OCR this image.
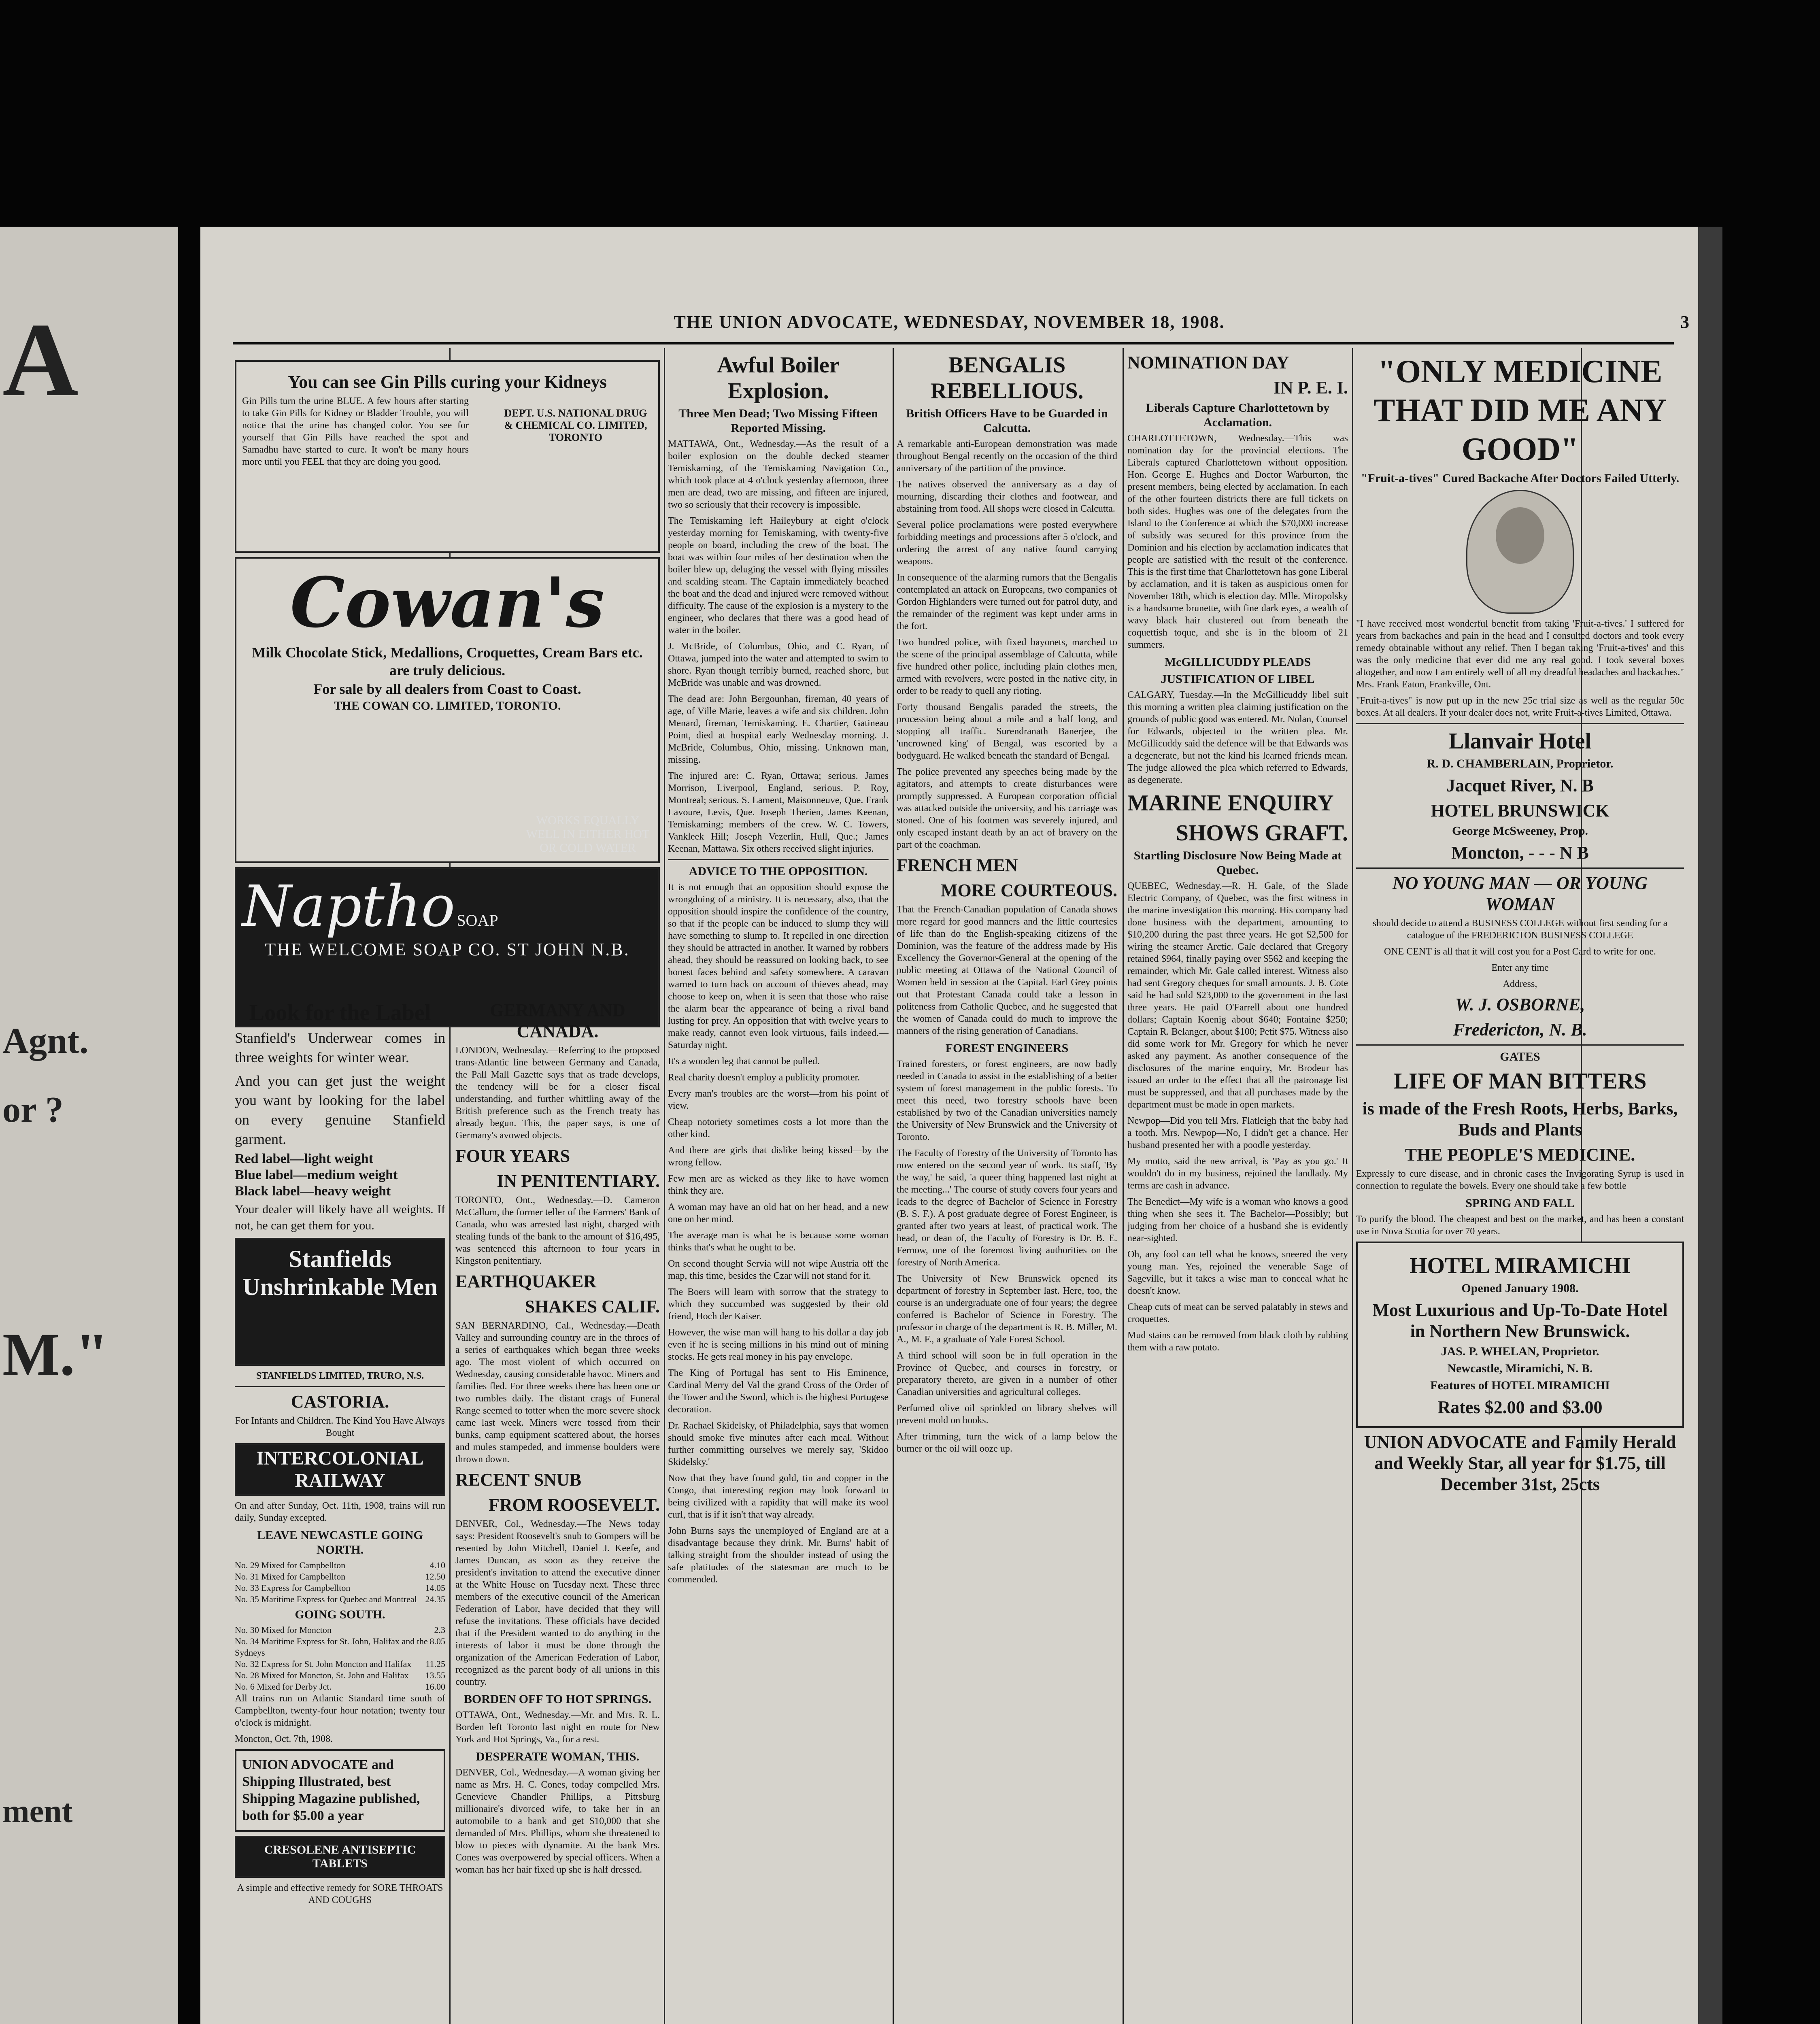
A
Agnt.
or ?
M."
ment
THE UNION ADVOCATE, WEDNESDAY, NOVEMBER 18, 1908.	3
You can see Gin Pills curing your Kidneys
Gin Pills turn the urine BLUE. A few hours after starting to take Gin Pills for Kidney or Bladder Trouble, you will notice that the urine has changed color. You see for yourself that Gin Pills have reached the spot and Samadhu have started to cure. It won't be many hours more until you FEEL that they are doing you good.
DEPT. U.S. NATIONAL DRUG & CHEMICAL CO. LIMITED, TORONTO
Cowan's
Milk Chocolate Stick, Medallions, Croquettes, Cream Bars etc. are truly delicious.
For sale by all dealers from Coast to Coast.
THE COWAN CO. LIMITED, TORONTO.
Naptho SOAP
WORKS EQUALLY WELL IN EITHER HOT OR COLD WATER
THE WELCOME SOAP CO. ST JOHN N.B.
Look for the Label
Stanfield's Underwear comes in three weights for winter wear.
And you can get just the weight you want by looking for the label on every genuine Stanfield garment.
Red label—light weight
Blue label—medium weight
Black label—heavy weight
Your dealer will likely have all weights. If not, he can get them for you.
Stanfields Unshrinkable Men
STANFIELDS LIMITED, TRURO, N.S.
CASTORIA.
For Infants and Children. The Kind You Have Always Bought
INTERCOLONIAL RAILWAY
On and after Sunday, Oct. 11th, 1908, trains will run daily, Sunday excepted.
LEAVE NEWCASTLE GOING NORTH.
No. 29 Mixed for Campbellton	4.10
No. 31 Mixed for Campbellton	12.50
No. 33 Express for Campbellton	14.05
No. 35 Maritime Express for Quebec and Montreal 24.35
GOING SOUTH.
No. 30 Mixed for Moncton	2.3
No. 34 Maritime Express for St. John, Halifax and the Sydneys
8.05
No. 32 Express for St. John Moncton and Halifax 11.25
No. 28 Mixed for Moncton, St. John and Halifax 13.55
No. 6 Mixed for Derby Jct.	16.00
All trains run on Atlantic Standard time south of Campbellton, twenty-four hour notation; twenty four o'clock is midnight.
Moncton, Oct. 7th, 1908.
UNION ADVOCATE and Shipping Illustrated, best Shipping Magazine published, both for $5.00 a year
CRESOLENE ANTISEPTIC TABLETS
A simple and effective remedy for SORE THROATS AND COUGHS
GERMANY AND CANADA.
LONDON, Wednesday.—Referring to the proposed trans-Atlantic line between Germany and Canada, the Pall Mall Gazette says that as trade develops, the tendency will be for a closer fiscal understanding, and further whittling away of the British preference such as the French treaty has already begun. This, the paper says, is one of Germany's avowed objects.
FOUR YEARS
IN PENITENTIARY.
TORONTO, Ont., Wednesday.—D. Cameron McCallum, the former teller of the Farmers' Bank of Canada, who was arrested last night, charged with stealing funds of the bank to the amount of $16,495, was sentenced this afternoon to four years in Kingston penitentiary.
EARTHQUAKER
SHAKES CALIF.
SAN BERNARDINO, Cal., Wednesday.—Death Valley and surrounding country are in the throes of a series of earthquakes which began three weeks ago. The most violent of which occurred on Wednesday, causing considerable havoc. Miners and families fled. For three weeks there has been one or two rumbles daily. The distant crags of Funeral Range seemed to totter when the more severe shock came last week. Miners were tossed from their bunks, camp equipment scattered about, the horses and mules stampeded, and immense boulders were thrown down.
RECENT SNUB
FROM ROOSEVELT.
DENVER, Col., Wednesday.—The News today says: President Roosevelt's snub to Gompers will be resented by John Mitchell, Daniel J. Keefe, and James Duncan, as soon as they receive the president's invitation to attend the executive dinner at the White House on Tuesday next. These three members of the executive council of the American Federation of Labor, have decided that they will refuse the invitations. These officials have decided that if the President wanted to do anything in the interests of labor it must be done through the organization of the American Federation of Labor, recognized as the parent body of all unions in this country.
BORDEN OFF TO HOT SPRINGS.
OTTAWA, Ont., Wednesday.—Mr. and Mrs. R. L. Borden left Toronto last night en route for New York and Hot Springs, Va., for a rest.
DESPERATE WOMAN, THIS.
DENVER, Col., Wednesday.—A woman giving her name as Mrs. H. C. Cones, today compelled Mrs. Genevieve Chandler Phillips, a Pittsburg millionaire's divorced wife, to take her in an automobile to a bank and get $10,000 that she demanded of Mrs. Phillips, whom she threatened to blow to pieces with dynamite. At the bank Mrs. Cones was overpowered by special officers. When a woman has her hair fixed up she is half dressed.
Awful Boiler Explosion.
Three Men Dead; Two Missing Fifteen Reported Missing.
MATTAWA, Ont., Wednesday.—As the result of a boiler explosion on the double decked steamer Temiskaming, of the Temiskaming Navigation Co., which took place at 4 o'clock yesterday afternoon, three men are dead, two are missing, and fifteen are injured, two so seriously that their recovery is impossible.
The Temiskaming left Haileybury at eight o'clock yesterday morning for Temiskaming, with twenty-five people on board, including the crew of the boat. The boat was within four miles of her destination when the boiler blew up, deluging the vessel with flying missiles and scalding steam. The Captain immediately beached the boat and the dead and injured were removed without difficulty. The cause of the explosion is a mystery to the engineer, who declares that there was a good head of water in the boiler.
J. McBride, of Columbus, Ohio, and C. Ryan, of Ottawa, jumped into the water and attempted to swim to shore. Ryan though terribly burned, reached shore, but McBride was unable and was drowned.
The dead are: John Bergounhan, fireman, 40 years of age, of Ville Marie, leaves a wife and six children. John Menard, fireman, Temiskaming. E. Chartier, Gatineau Point, died at hospital early Wednesday morning. J. McBride, Columbus, Ohio, missing. Unknown man, missing.
The injured are: C. Ryan, Ottawa; serious. James Morrison, Liverpool, England, serious. P. Roy, Montreal; serious. S. Lament, Maisonneuve, Que. Frank Lavoure, Levis, Que. Joseph Therien, James Keenan, Temiskaming; members of the crew. W. C. Towers, Vankleek Hill; Joseph Vezerlin, Hull, Que.; James Keenan, Mattawa. Six others received slight injuries.
ADVICE TO THE OPPOSITION.
It is not enough that an opposition should expose the wrongdoing of a ministry. It is necessary, also, that the opposition should inspire the confidence of the country, so that if the people can be induced to slump they will have something to slump to. It repelled in one direction they should be attracted in another. It warned by robbers ahead, they should be reassured on looking back, to see honest faces behind and safety somewhere. A caravan warned to turn back on account of thieves ahead, may choose to keep on, when it is seen that those who raise the alarm bear the appearance of being a rival band lusting for prey. An opposition that with twelve years to make ready, cannot even look virtuous, fails indeed.—Saturday night.
It's a wooden leg that cannot be pulled.
Real charity doesn't employ a publicity promoter.
Every man's troubles are the worst—from his point of view.
Cheap notoriety sometimes costs a lot more than the other kind.
And there are girls that dislike being kissed—by the wrong fellow.
Few men are as wicked as they like to have women think they are.
A woman may have an old hat on her head, and a new one on her mind.
The average man is what he is because some woman thinks that's what he ought to be.
On second thought Servia will not wipe Austria off the map, this time, besides the Czar will not stand for it.
The Boers will learn with sorrow that the strategy to which they succumbed was suggested by their old friend, Hoch der Kaiser.
However, the wise man will hang to his dollar a day job even if he is seeing millions in his mind out of mining stocks. He gets real money in his pay envelope.
The King of Portugal has sent to His Eminence, Cardinal Merry del Val the grand Cross of the Order of the Tower and the Sword, which is the highest Portugese decoration.
Dr. Rachael Skidelsky, of Philadelphia, says that women should smoke five minutes after each meal. Without further committing ourselves we merely say, 'Skidoo Skidelsky.'
Now that they have found gold, tin and copper in the Congo, that interesting region may look forward to being civilized with a rapidity that will make its wool curl, that is if it isn't that way already.
John Burns says the unemployed of England are at a disadvantage because they drink. Mr. Burns' habit of talking straight from the shoulder instead of using the safe platitudes of the statesman are much to be commended.
BENGALIS REBELLIOUS.
British Officers Have to be Guarded in Calcutta.
A remarkable anti-European demonstration was made throughout Bengal recently on the occasion of the third anniversary of the partition of the province.
The natives observed the anniversary as a day of mourning, discarding their clothes and footwear, and abstaining from food. All shops were closed in Calcutta.
Several police proclamations were posted everywhere forbidding meetings and processions after 5 o'clock, and ordering the arrest of any native found carrying weapons.
In consequence of the alarming rumors that the Bengalis contemplated an attack on Europeans, two companies of Gordon Highlanders were turned out for patrol duty, and the remainder of the regiment was kept under arms in the fort.
Two hundred police, with fixed bayonets, marched to the scene of the principal assemblage of Calcutta, while five hundred other police, including plain clothes men, armed with revolvers, were posted in the native city, in order to be ready to quell any rioting.
Forty thousand Bengalis paraded the streets, the procession being about a mile and a half long, and stopping all traffic. Surendranath Banerjee, the 'uncrowned king' of Bengal, was escorted by a bodyguard. He walked beneath the standard of Bengal.
The police prevented any speeches being made by the agitators, and attempts to create disturbances were promptly suppressed. A European corporation official was attacked outside the university, and his carriage was stoned. One of his footmen was severely injured, and only escaped instant death by an act of bravery on the part of the coachman.
FRENCH MEN
MORE COURTEOUS.
That the French-Canadian population of Canada shows more regard for good manners and the little courtesies of life than do the English-speaking citizens of the Dominion, was the feature of the address made by His Excellency the Governor-General at the opening of the public meeting at Ottawa of the National Council of Women held in session at the Capital. Earl Grey points out that Protestant Canada could take a lesson in politeness from Catholic Quebec, and he suggested that the women of Canada could do much to improve the manners of the rising generation of Canadians.
FOREST ENGINEERS
Trained foresters, or forest engineers, are now badly needed in Canada to assist in the establishing of a better system of forest management in the public forests. To meet this need, two forestry schools have been established by two of the Canadian universities namely the University of New Brunswick and the University of Toronto.
The Faculty of Forestry of the University of Toronto has now entered on the second year of work. Its staff, 'By the way,' he said, 'a queer thing happened last night at the meeting...' The course of study covers four years and leads to the degree of Bachelor of Science in Forestry (B. S. F.). A post graduate degree of Forest Engineer, is granted after two years at least, of practical work. The head, or dean of, the Faculty of Forestry is Dr. B. E. Fernow, one of the foremost living authorities on the forestry of North America.
The University of New Brunswick opened its department of forestry in September last. Here, too, the course is an undergraduate one of four years; the degree conferred is Bachelor of Science in Forestry. The professor in charge of the department is R. B. Miller, M. A., M. F., a graduate of Yale Forest School.
A third school will soon be in full operation in the Province of Quebec, and courses in forestry, or preparatory thereto, are given in a number of other Canadian universities and agricultural colleges.
Perfumed olive oil sprinkled on library shelves will prevent mold on books.
After trimming, turn the wick of a lamp below the burner or the oil will ooze up.
NOMINATION DAY
IN P. E. I.
Liberals Capture Charlottetown by Acclamation.
CHARLOTTETOWN, Wednesday.—This was nomination day for the provincial elections. The Liberals captured Charlottetown without opposition. Hon. George E. Hughes and Doctor Warburton, the present members, being elected by acclamation. In each of the other fourteen districts there are full tickets on both sides. Hughes was one of the delegates from the Island to the Conference at which the $70,000 increase of subsidy was secured for this province from the Dominion and his election by acclamation indicates that people are satisfied with the result of the conference. This is the first time that Charlottetown has gone Liberal by acclamation, and it is taken as auspicious omen for November 18th, which is election day. Mlle. Miropolsky is a handsome brunette, with fine dark eyes, a wealth of wavy black hair clustered out from beneath the coquettish toque, and she is in the bloom of 21 summers.
McGILLICUDDY PLEADS
JUSTIFICATION OF LIBEL
CALGARY, Tuesday.—In the McGillicuddy libel suit this morning a written plea claiming justification on the grounds of public good was entered. Mr. Nolan, Counsel for Edwards, objected to the written plea. Mr. McGillicuddy said the defence will be that Edwards was a degenerate, but not the kind his learned friends mean. The judge allowed the plea which referred to Edwards, as degenerate.
MARINE ENQUIRY
SHOWS GRAFT.
Startling Disclosure Now Being Made at Quebec.
QUEBEC, Wednesday.—R. H. Gale, of the Slade Electric Company, of Quebec, was the first witness in the marine investigation this morning. His company had done business with the department, amounting to $10,200 during the past three years. He got $2,500 for wiring the steamer Arctic. Gale declared that Gregory retained $964, finally paying over $562 and keeping the remainder, which Mr. Gale called interest. Witness also had sent Gregory cheques for small amounts. J. B. Cote said he had sold $23,000 to the government in the last three years. He paid O'Farrell about one hundred dollars; Captain Koenig about $640; Fontaine $250; Captain R. Belanger, about $100; Petit $75. Witness also did some work for Mr. Gregory for which he never asked any payment. As another consequence of the disclosures of the marine enquiry, Mr. Brodeur has issued an order to the effect that all the patronage list must be suppressed, and that all purchases made by the department must be made in open markets.
Newpop—Did you tell Mrs. Flatleigh that the baby had a tooth. Mrs. Newpop—No, I didn't get a chance. Her husband presented her with a poodle yesterday.
My motto, said the new arrival, is 'Pay as you go.' It wouldn't do in my business, rejoined the landlady. My terms are cash in advance.
The Benedict—My wife is a woman who knows a good thing when she sees it. The Bachelor—Possibly; but judging from her choice of a husband she is evidently near-sighted.
Oh, any fool can tell what he knows, sneered the very young man. Yes, rejoined the venerable Sage of Sageville, but it takes a wise man to conceal what he doesn't know.
Cheap cuts of meat can be served palatably in stews and croquettes.
Mud stains can be removed from black cloth by rubbing them with a raw potato.
"ONLY MEDICINE THAT DID ME ANY GOOD"
"Fruit-a-tives" Cured Backache After Doctors Failed Utterly.
"I have received most wonderful benefit from taking 'Fruit-a-tives.' I suffered for years from backaches and pain in the head and I consulted doctors and took every remedy obtainable without any relief. Then I began taking 'Fruit-a-tives' and this was the only medicine that ever did me any real good. I took several boxes altogether, and now I am entirely well of all my dreadful headaches and backaches." Mrs. Frank Eaton, Frankville, Ont.
"Fruit-a-tives" is now put up in the new 25c trial size as well as the regular 50c boxes. At all dealers. If your dealer does not, write Fruit-a-tives Limited, Ottawa.
Llanvair Hotel
R. D. CHAMBERLAIN, Proprietor.
Jacquet River, N. B
HOTEL BRUNSWICK
George McSweeney, Prop.
Moncton, - - - N B
NO YOUNG MAN — OR YOUNG WOMAN
should decide to attend a BUSINESS COLLEGE without first sending for a catalogue of the FREDERICTON BUSINESS COLLEGE
ONE CENT is all that it will cost you for a Post Card to write for one.
Enter any time
Address,
W. J. OSBORNE,
Fredericton, N. B.
GATES
LIFE OF MAN BITTERS
is made of the Fresh Roots, Herbs, Barks, Buds and Plants
THE PEOPLE'S MEDICINE.
Expressly to cure disease, and in chronic cases the Invigorating Syrup is used in connection to regulate the bowels. Every one should take a few bottle
SPRING AND FALL
To purify the blood. The cheapest and best on the market, and has been a constant use in Nova Scotia for over 70 years.
HOTEL MIRAMICHI
Opened January 1908.
Most Luxurious and Up-To-Date Hotel in Northern New Brunswick.
JAS. P. WHELAN, Proprietor.
Newcastle, Miramichi, N. B.
Features of HOTEL MIRAMICHI
Rates $2.00 and $3.00
UNION ADVOCATE and Family Herald and Weekly Star, all year for $1.75, till December 31st, 25cts
